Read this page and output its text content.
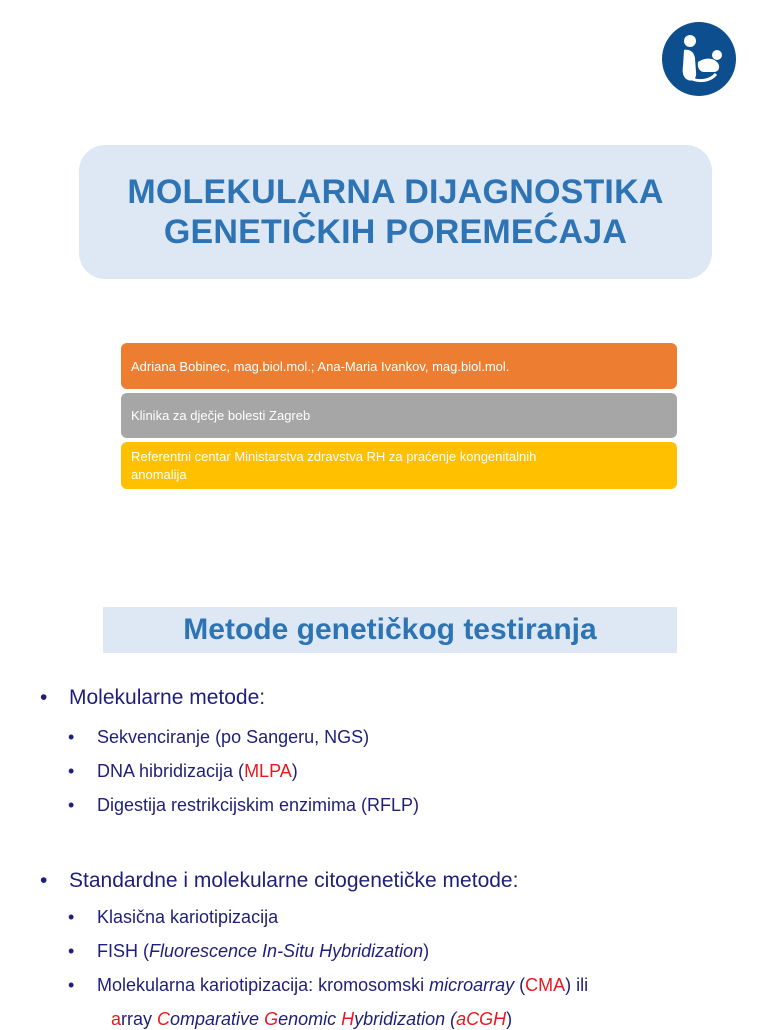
MOLEKULARNA DIJAGNOSTIKA
GENETIČKIH POREMEĆAJA
Adriana Bobinec, mag.biol.mol.; Ana-Maria Ivankov, mag.biol.mol.
Klinika za dječje bolesti Zagreb
Referentni centar Ministarstva zdravstva RH za praćenje kongenitalnih
anomalija
Metode genetičkog testiranja
• Molekularne metode:
• Sekvenciranje (po Sangeru, NGS)
• DNA hibridizacija (MLPA)
• Digestija restrikcijskim enzimima (RFLP)
• Standardne i molekularne citogenetičke metode:
• Klasična kariotipizacija
• FISH (Fluorescence In-Situ Hybridization)
• Molekularna kariotipizacija: kromosomski microarray (CMA) ili
array Comparative Genomic Hybridization (aCGH)
